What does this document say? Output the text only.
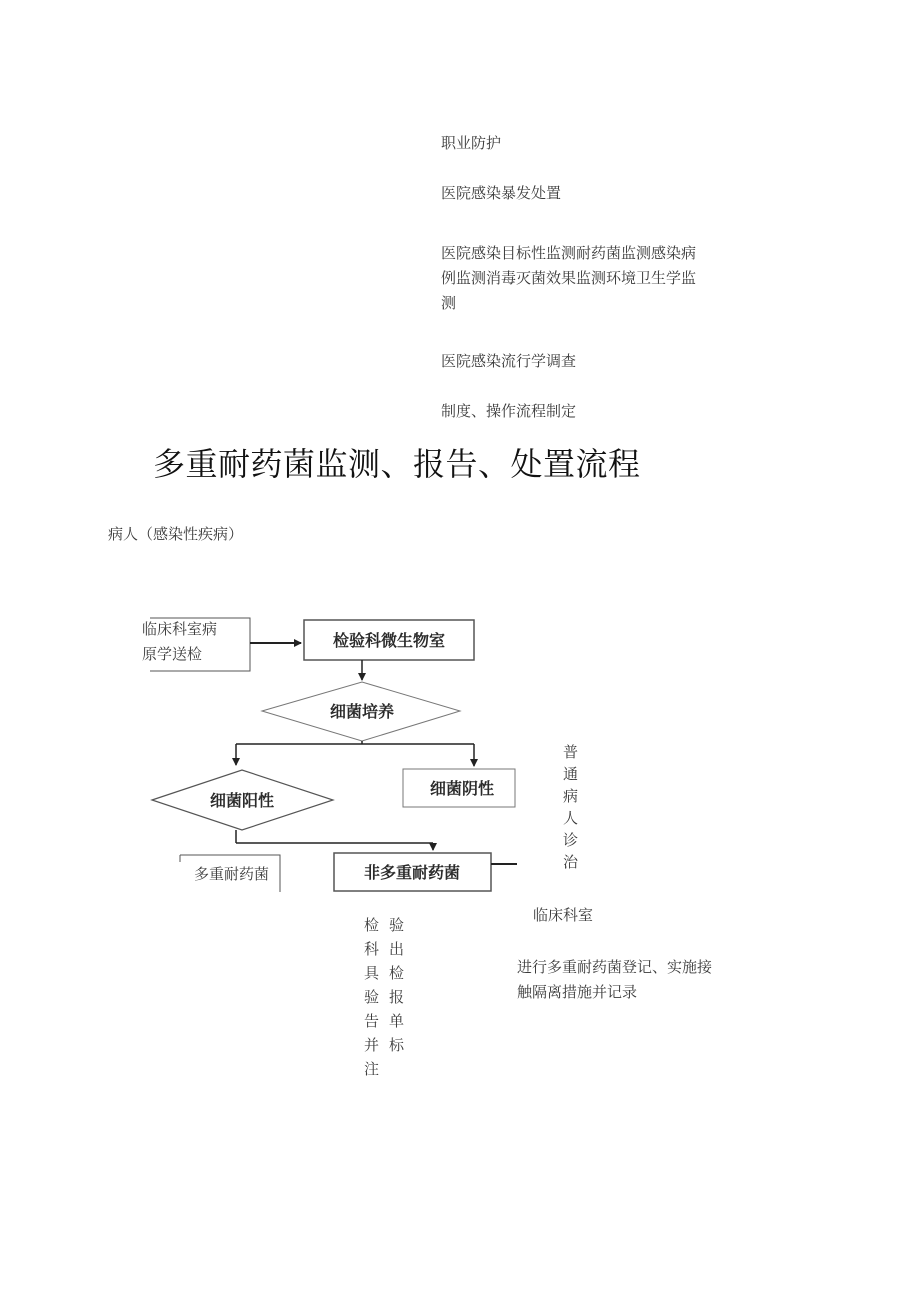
职业防护
医院感染暴发处置
医院感染目标性监测耐药菌监测感染病例监测消毒灭菌效果监测环境卫生学监测
医院感染流行学调查
制度、操作流程制定
多重耐药菌监测、报告、处置流程
病人（感染性疾病）
检验科微生物室
细菌培养
细菌阴性
细菌阳性
多重耐药菌	非多重耐药菌
临床科室病原学送检
普通病人诊治
检验科出具检验报告单并标注
临床科室
进行多重耐药菌登记、实施接触隔离措施并记录
